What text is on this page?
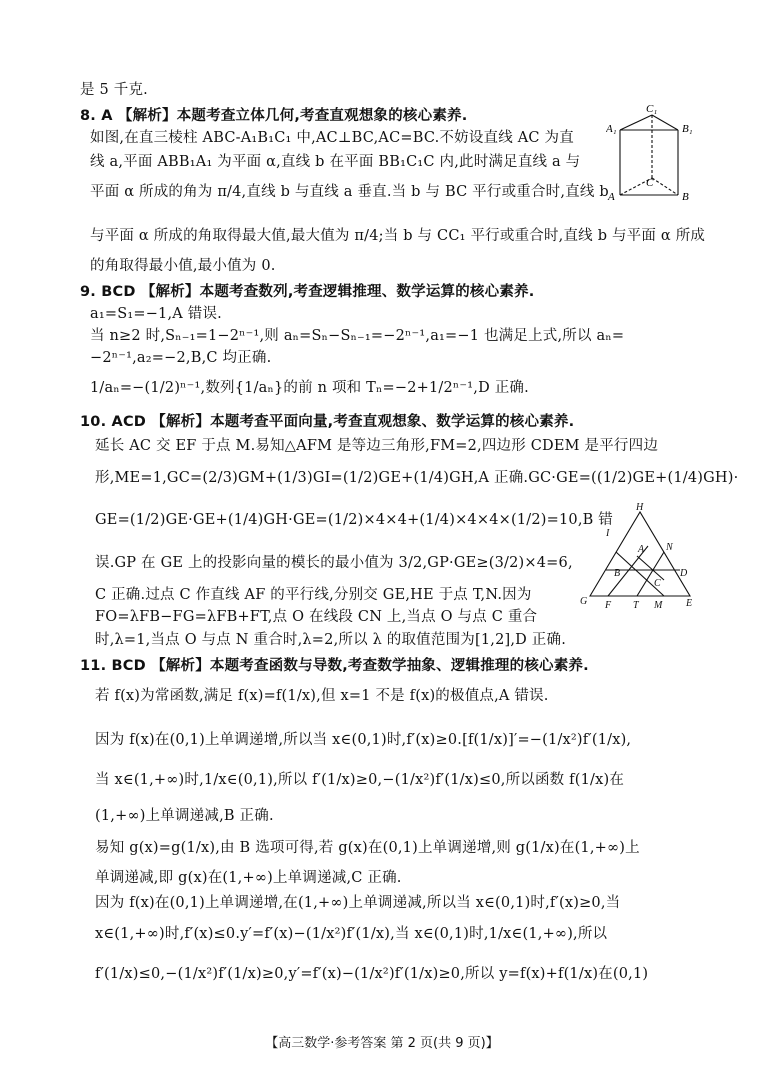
是 5 千克.
8. A 【解析】本题考查立体几何,考查直观想象的核心素养.
如图,在直三棱柱 ABC-A₁B₁C₁ 中,AC⊥BC,AC=BC.不妨设直线 AC 为直
线 a,平面 ABB₁A₁ 为平面 α,直线 b 在平面 BB₁C₁C 内,此时满足直线 a 与
平面 α 所成的角为 π/4,直线 b 与直线 a 垂直.当 b 与 BC 平行或重合时,直线 b
与平面 α 所成的角取得最大值,最大值为 π/4;当 b 与 CC₁ 平行或重合时,直线 b 与平面 α 所成
的角取得最小值,最小值为 0.
9. BCD 【解析】本题考查数列,考查逻辑推理、数学运算的核心素养.
a₁=S₁=−1,A 错误.
当 n≥2 时,Sₙ₋₁=1−2ⁿ⁻¹,则 aₙ=Sₙ−Sₙ₋₁=−2ⁿ⁻¹,a₁=−1 也满足上式,所以 aₙ=
−2ⁿ⁻¹,a₂=−2,B,C 均正确.
1/aₙ=−(1/2)ⁿ⁻¹,数列{1/aₙ}的前 n 项和 Tₙ=−2+1/2ⁿ⁻¹,D 正确.
10. ACD 【解析】本题考查平面向量,考查直观想象、数学运算的核心素养.
延长 AC 交 EF 于点 M.易知△AFM 是等边三角形,FM=2,四边形 CDEM 是平行四边
形,ME=1,GC=(2/3)GM+(1/3)GI=(1/2)GE+(1/4)GH,A 正确.GC·GE=((1/2)GE+(1/4)GH)·
GE=(1/2)GE·GE+(1/4)GH·GE=(1/2)×4×4+(1/4)×4×4×(1/2)=10,B 错
误.GP 在 GE 上的投影向量的模长的最小值为 3/2,GP·GE≥(3/2)×4=6,
C 正确.过点 C 作直线 AF 的平行线,分别交 GE,HE 于点 T,N.因为
FO=λFB−FG=λFB+FT,点 O 在线段 CN 上,当点 O 与点 C 重合
时,λ=1,当点 O 与点 N 重合时,λ=2,所以 λ 的取值范围为[1,2],D 正确.
11. BCD 【解析】本题考查函数与导数,考查数学抽象、逻辑推理的核心素养.
若 f(x)为常函数,满足 f(x)=f(1/x),但 x=1 不是 f(x)的极值点,A 错误.
因为 f(x)在(0,1)上单调递增,所以当 x∈(0,1)时,f′(x)≥0.[f(1/x)]′=−(1/x²)f′(1/x),
当 x∈(1,+∞)时,1/x∈(0,1),所以 f′(1/x)≥0,−(1/x²)f′(1/x)≤0,所以函数 f(1/x)在
(1,+∞)上单调递减,B 正确.
易知 g(x)=g(1/x),由 B 选项可得,若 g(x)在(0,1)上单调递增,则 g(1/x)在(1,+∞)上
单调递减,即 g(x)在(1,+∞)上单调递减,C 正确.
因为 f(x)在(0,1)上单调递增,在(1,+∞)上单调递减,所以当 x∈(0,1)时,f′(x)≥0,当
x∈(1,+∞)时,f′(x)≤0.y′=f′(x)−(1/x²)f′(1/x),当 x∈(0,1)时,1/x∈(1,+∞),所以
f′(1/x)≤0,−(1/x²)f′(1/x)≥0,y′=f′(x)−(1/x²)f′(1/x)≥0,所以 y=f(x)+f(1/x)在(0,1)
C₁
A₁	B₁
C
A	B
H
I
A N
B
C
D
G F T M E
【高三数学·参考答案 第 2 页(共 9 页)】
